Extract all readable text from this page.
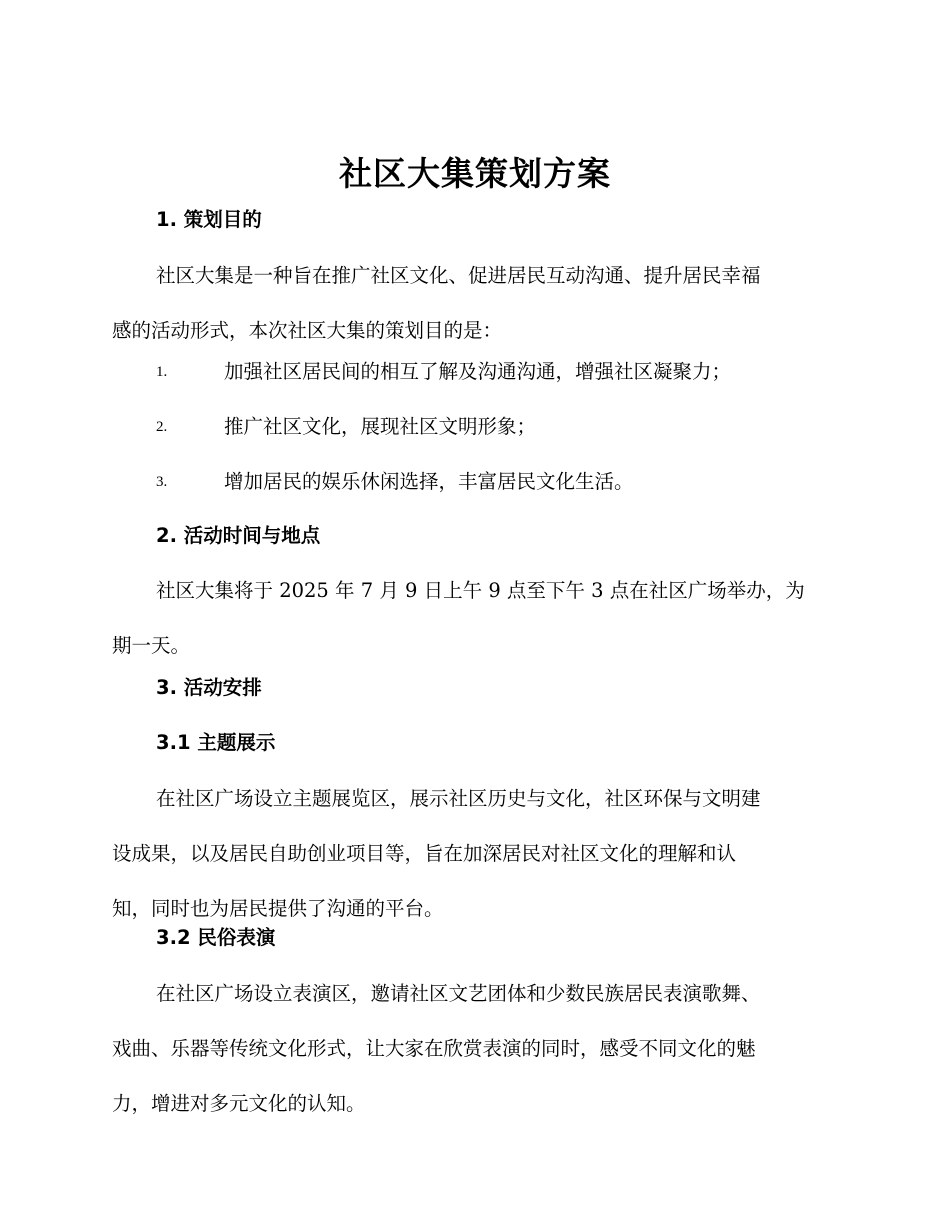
社区大集策划方案
1. 策划目的
社区大集是一种旨在推广社区文化、促进居民互动沟通、提升居民幸福
感的活动形式，本次社区大集的策划目的是：
1.	加强社区居民间的相互了解及沟通沟通，增强社区凝聚力；
2.	推广社区文化，展现社区文明形象；
3.	增加居民的娱乐休闲选择，丰富居民文化生活。
2. 活动时间与地点
社区大集将于 2025 年 7 月 9 日上午 9 点至下午 3 点在社区广场举办，为
期一天。
3. 活动安排
3.1 主题展示
在社区广场设立主题展览区，展示社区历史与文化，社区环保与文明建
设成果，以及居民自助创业项目等，旨在加深居民对社区文化的理解和认
知，同时也为居民提供了沟通的平台。
3.2 民俗表演
在社区广场设立表演区，邀请社区文艺团体和少数民族居民表演歌舞、
戏曲、乐器等传统文化形式，让大家在欣赏表演的同时，感受不同文化的魅
力，增进对多元文化的认知。
